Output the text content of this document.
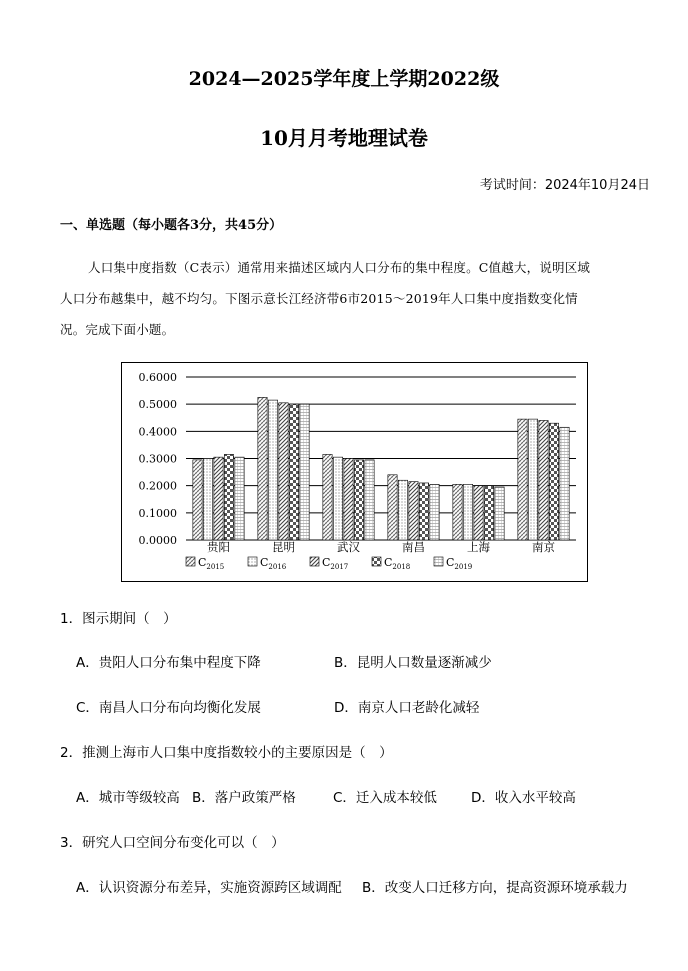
2024—2025学年度上学期2022级
10月月考地理试卷
考试时间：2024年10月24日
一、单选题（每小题各3分，共45分）
人口集中度指数（C表示）通常用来描述区域内人口分布的集中程度。C值越大，说明区域
人口分布越集中，越不均匀。下图示意长江经济带6市2015～2019年人口集中度指数变化情
况。完成下面小题。
0.6000
0.5000
0.4000
0.3000
0.2000
0.1000
0.0000	贵阳	昆明	武汉	南昌	上海	南京
$C_{2015}$	$C_{2016}$	$C_{2017}$	$C_{2018}$	$C_{2019}$
1．图示期间（　）
A．贵阳人口分布集中程度下降	B．昆明人口数量逐渐减少
C．南昌人口分布向均衡化发展	D．南京人口老龄化减轻
2．推测上海市人口集中度指数较小的主要原因是（　）
A．城市等级较高 B．落户政策严格	C．迁入成本较低	D．收入水平较高
3．研究人口空间分布变化可以（　）
A．认识资源分布差异，实施资源跨区域调配 B．改变人口迁移方向，提高资源环境承载力
